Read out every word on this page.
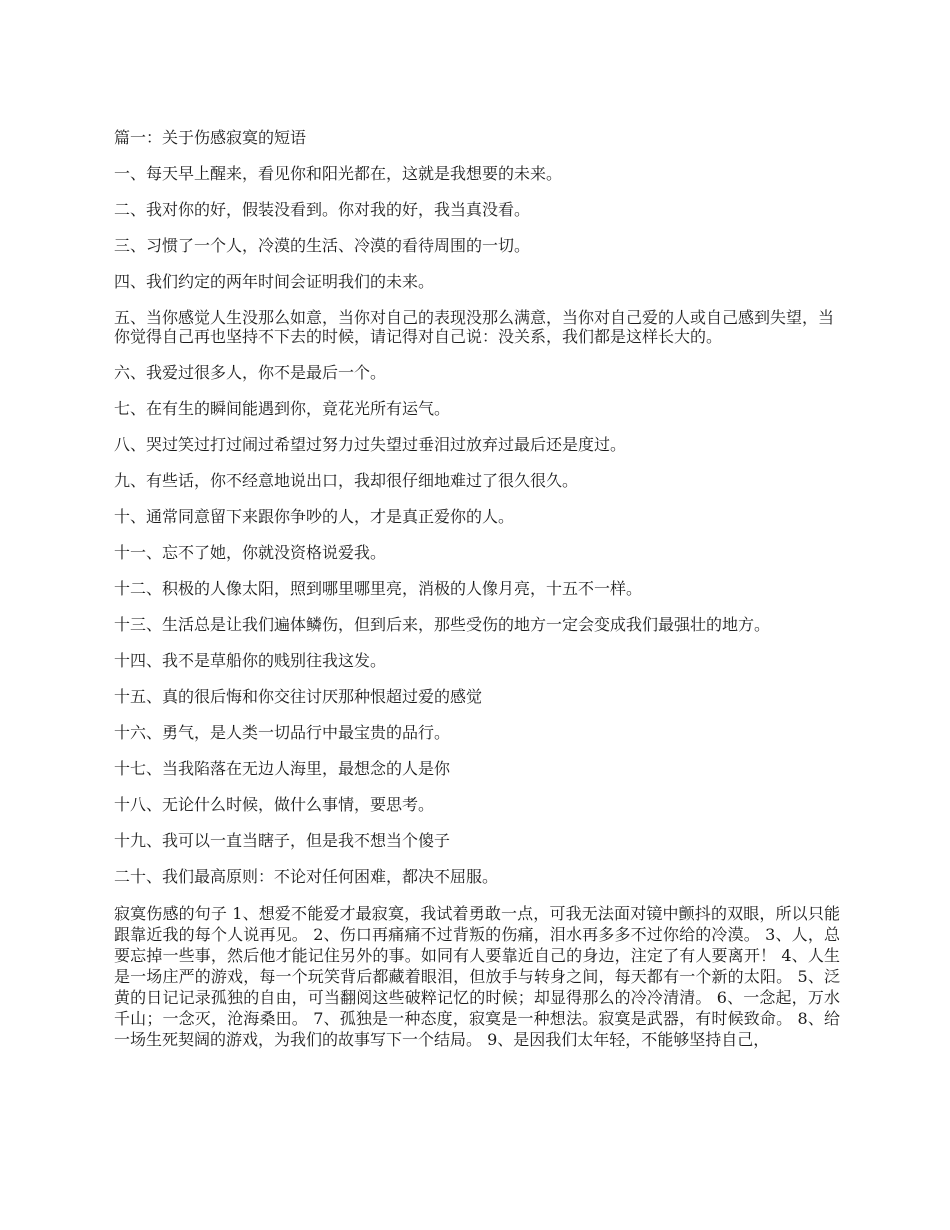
篇一：关于伤感寂寞的短语

一、每天早上醒来，看见你和阳光都在，这就是我想要的未来。

二、我对你的好，假装没看到。你对我的好，我当真没看。

三、习惯了一个人，冷漠的生活、冷漠的看待周围的一切。

四、我们约定的两年时间会证明我们的未来。

五、当你感觉人生没那么如意，当你对自己的表现没那么满意，当你对自己爱的人或自己感到失望，当你觉得自己再也坚持不下去的时候，请记得对自己说：没关系，我们都是这样长大的。

六、我爱过很多人，你不是最后一个。

七、在有生的瞬间能遇到你，竟花光所有运气。

八、哭过笑过打过闹过希望过努力过失望过垂泪过放弃过最后还是度过。

九、有些话，你不经意地说出口，我却很仔细地难过了很久很久。

十、通常同意留下来跟你争吵的人，才是真正爱你的人。

十一、忘不了她，你就没资格说爱我。

十二、积极的人像太阳，照到哪里哪里亮，消极的人像月亮，十五不一样。

十三、生活总是让我们遍体鳞伤，但到后来，那些受伤的地方一定会变成我们最强壮的地方。

十四、我不是草船你的贱别往我这发。

十五、真的很后悔和你交往讨厌那种恨超过爱的感觉

十六、勇气，是人类一切品行中最宝贵的品行。

十七、当我陷落在无边人海里，最想念的人是你

十八、无论什么时候，做什么事情，要思考。

十九、我可以一直当瞎子，但是我不想当个傻子

二十、我们最高原则：不论对任何困难，都决不屈服。

寂寞伤感的句子 1、想爱不能爱才最寂寞，我试着勇敢一点，可我无法面对镜中颤抖的双眼，所以只能跟靠近我的每个人说再见。 2、伤口再痛痛不过背叛的伤痛，泪水再多多不过你给的冷漠。 3、人，总要忘掉一些事，然后他才能记住另外的事。如同有人要靠近自己的身边，注定了有人要离开！ 4、人生是一场庄严的游戏，每一个玩笑背后都藏着眼泪，但放手与转身之间，每天都有一个新的太阳。 5、泛黄的日记记录孤独的自由，可当翻阅这些破粹记忆的时候；却显得那么的冷冷清清。 6、一念起，万水千山；一念灭，沧海桑田。 7、孤独是一种态度，寂寞是一种想法。寂寞是武器，有时候致命。 8、给一场生死契阔的游戏，为我们的故事写下一个结局。 9、是因我们太年轻，不能够坚持自己，
